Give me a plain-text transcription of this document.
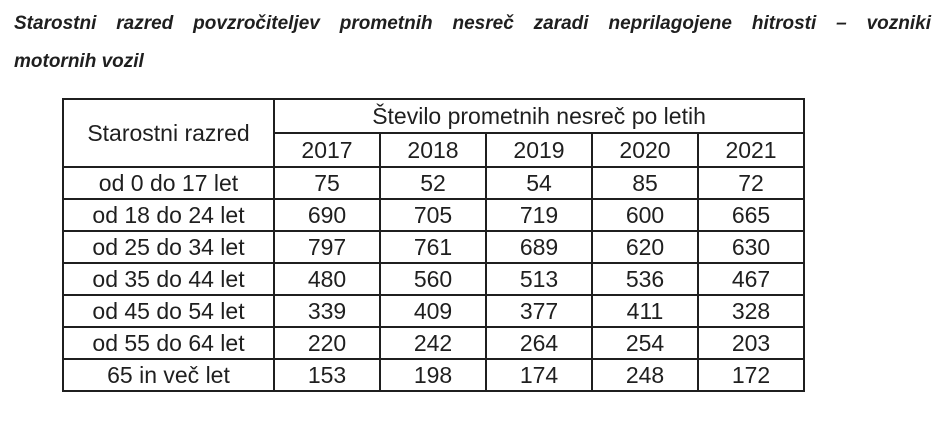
Starostni razred povzročiteljev prometnih nesreč zaradi neprilagojene hitrosti – vozniki
motornih vozil
Starostni razred	Število prometnih nesreč po letih				
	2017	2018	2019	2020	2021
od 0 do 17 let	75	52	54	85	72
od 18 do 24 let	690	705	719	600	665
od 25 do 34 let	797	761	689	620	630
od 35 do 44 let	480	560	513	536	467
od 45 do 54 let	339	409	377	411	328
od 55 do 64 let	220	242	264	254	203
65 in več let	153	198	174	248	172
